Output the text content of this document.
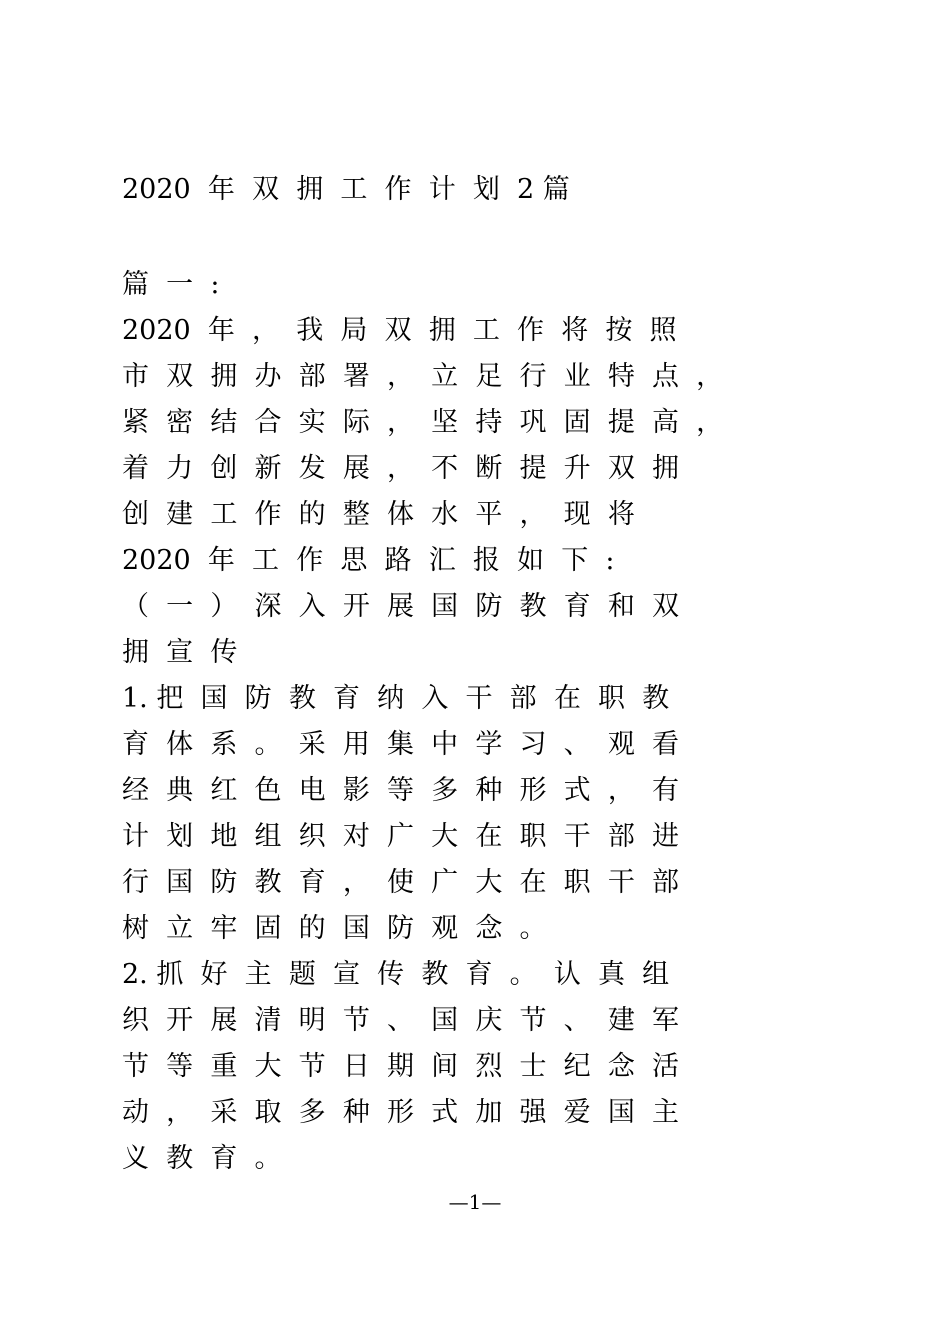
2020  年  双  拥  工  作  计  划  2 篇
篇  一  :
2020  年  ，  我  局  双  拥  工  作  将  按  照
市  双  拥  办  部  署  ，  立  足  行  业  特  点  ，
紧  密  结  合  实  际  ，  坚  持  巩  固  提  高  ，
着  力  创  新  发  展  ，  不  断  提  升  双  拥
创  建  工  作  的  整  体  水  平  ，  现  将
2020  年  工  作  思  路  汇  报  如  下  :
（  一  ）  深  入  开  展  国  防  教  育  和  双
拥  宣  传
1. 把  国  防  教  育  纳  入  干  部  在  职  教
育  体  系  。  采  用  集  中  学  习  、  观  看
经  典  红  色  电  影  等  多  种  形  式  ，  有
计  划  地  组  织  对  广  大  在  职  干  部  进
行  国  防  教  育  ，  使  广  大  在  职  干  部
树  立  牢  固  的  国  防  观  念  。
2. 抓  好  主  题  宣  传  教  育  。  认  真  组
织  开  展  清  明  节  、  国  庆  节  、  建  军
节  等  重  大  节  日  期  间  烈  士  纪  念  活
动  ，  采  取  多  种  形  式  加  强  爱  国  主
义  教  育  。
—1—
